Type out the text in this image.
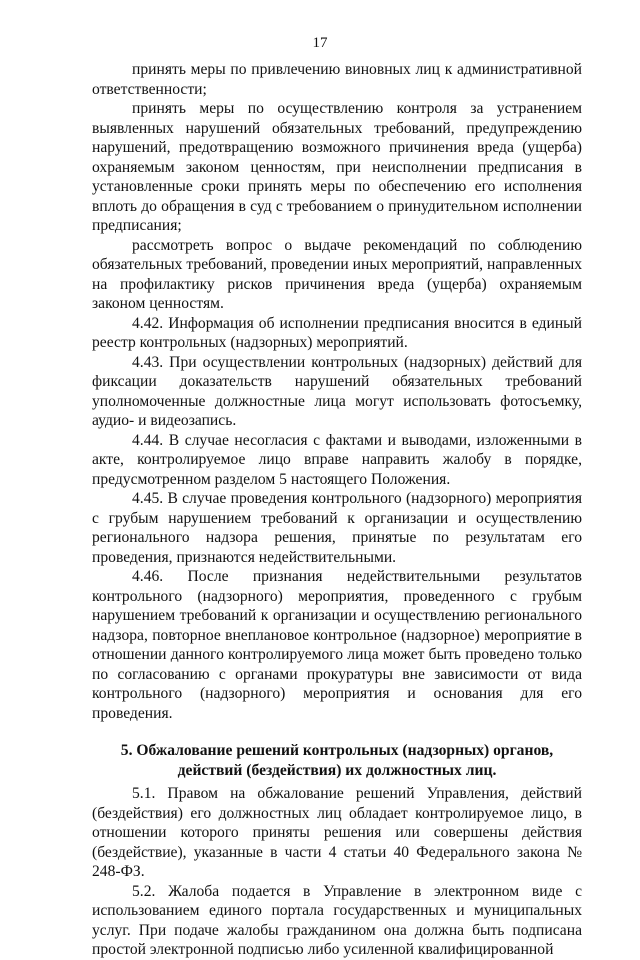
17

принять меры по привлечению виновных лиц к административной ответственности;

принять меры по осуществлению контроля за устранением выявленных нарушений обязательных требований, предупреждению нарушений, предотвращению возможного причинения вреда (ущерба) охраняемым законом ценностям, при неисполнении предписания в установленные сроки принять меры по обеспечению его исполнения вплоть до обращения в суд с требованием о принудительном исполнении предписания;

рассмотреть вопрос о выдаче рекомендаций по соблюдению обязательных требований, проведении иных мероприятий, направленных на профилактику рисков причинения вреда (ущерба) охраняемым законом ценностям.

4.42. Информация об исполнении предписания вносится в единый реестр контрольных (надзорных) мероприятий.

4.43. При осуществлении контрольных (надзорных) действий для фиксации доказательств нарушений обязательных требований уполномоченные должностные лица могут использовать фотосъемку, аудио- и видеозапись.

4.44. В случае несогласия с фактами и выводами, изложенными в акте, контролируемое лицо вправе направить жалобу в порядке, предусмотренном разделом 5 настоящего Положения.

4.45. В случае проведения контрольного (надзорного) мероприятия с грубым нарушением требований к организации и осуществлению регионального надзора решения, принятые по результатам его проведения, признаются недействительными.

4.46. После признания недействительными результатов контрольного (надзорного) мероприятия, проведенного с грубым нарушением требований к организации и осуществлению регионального надзора, повторное внеплановое контрольное (надзорное) мероприятие в отношении данного контролируемого лица может быть проведено только по согласованию с органами прокуратуры вне зависимости от вида контрольного (надзорного) мероприятия и основания для его проведения.

5. Обжалование решений контрольных (надзорных) органов,
действий (бездействия) их должностных лиц.

5.1. Правом на обжалование решений Управления, действий (бездействия) его должностных лиц обладает контролируемое лицо, в отношении которого приняты решения или совершены действия (бездействие), указанные в части 4 статьи 40 Федерального закона № 248-ФЗ.

5.2. Жалоба подается в Управление в электронном виде с использованием единого портала государственных и муниципальных услуг. При подаче жалобы гражданином она должна быть подписана простой электронной подписью либо усиленной квалифицированной
